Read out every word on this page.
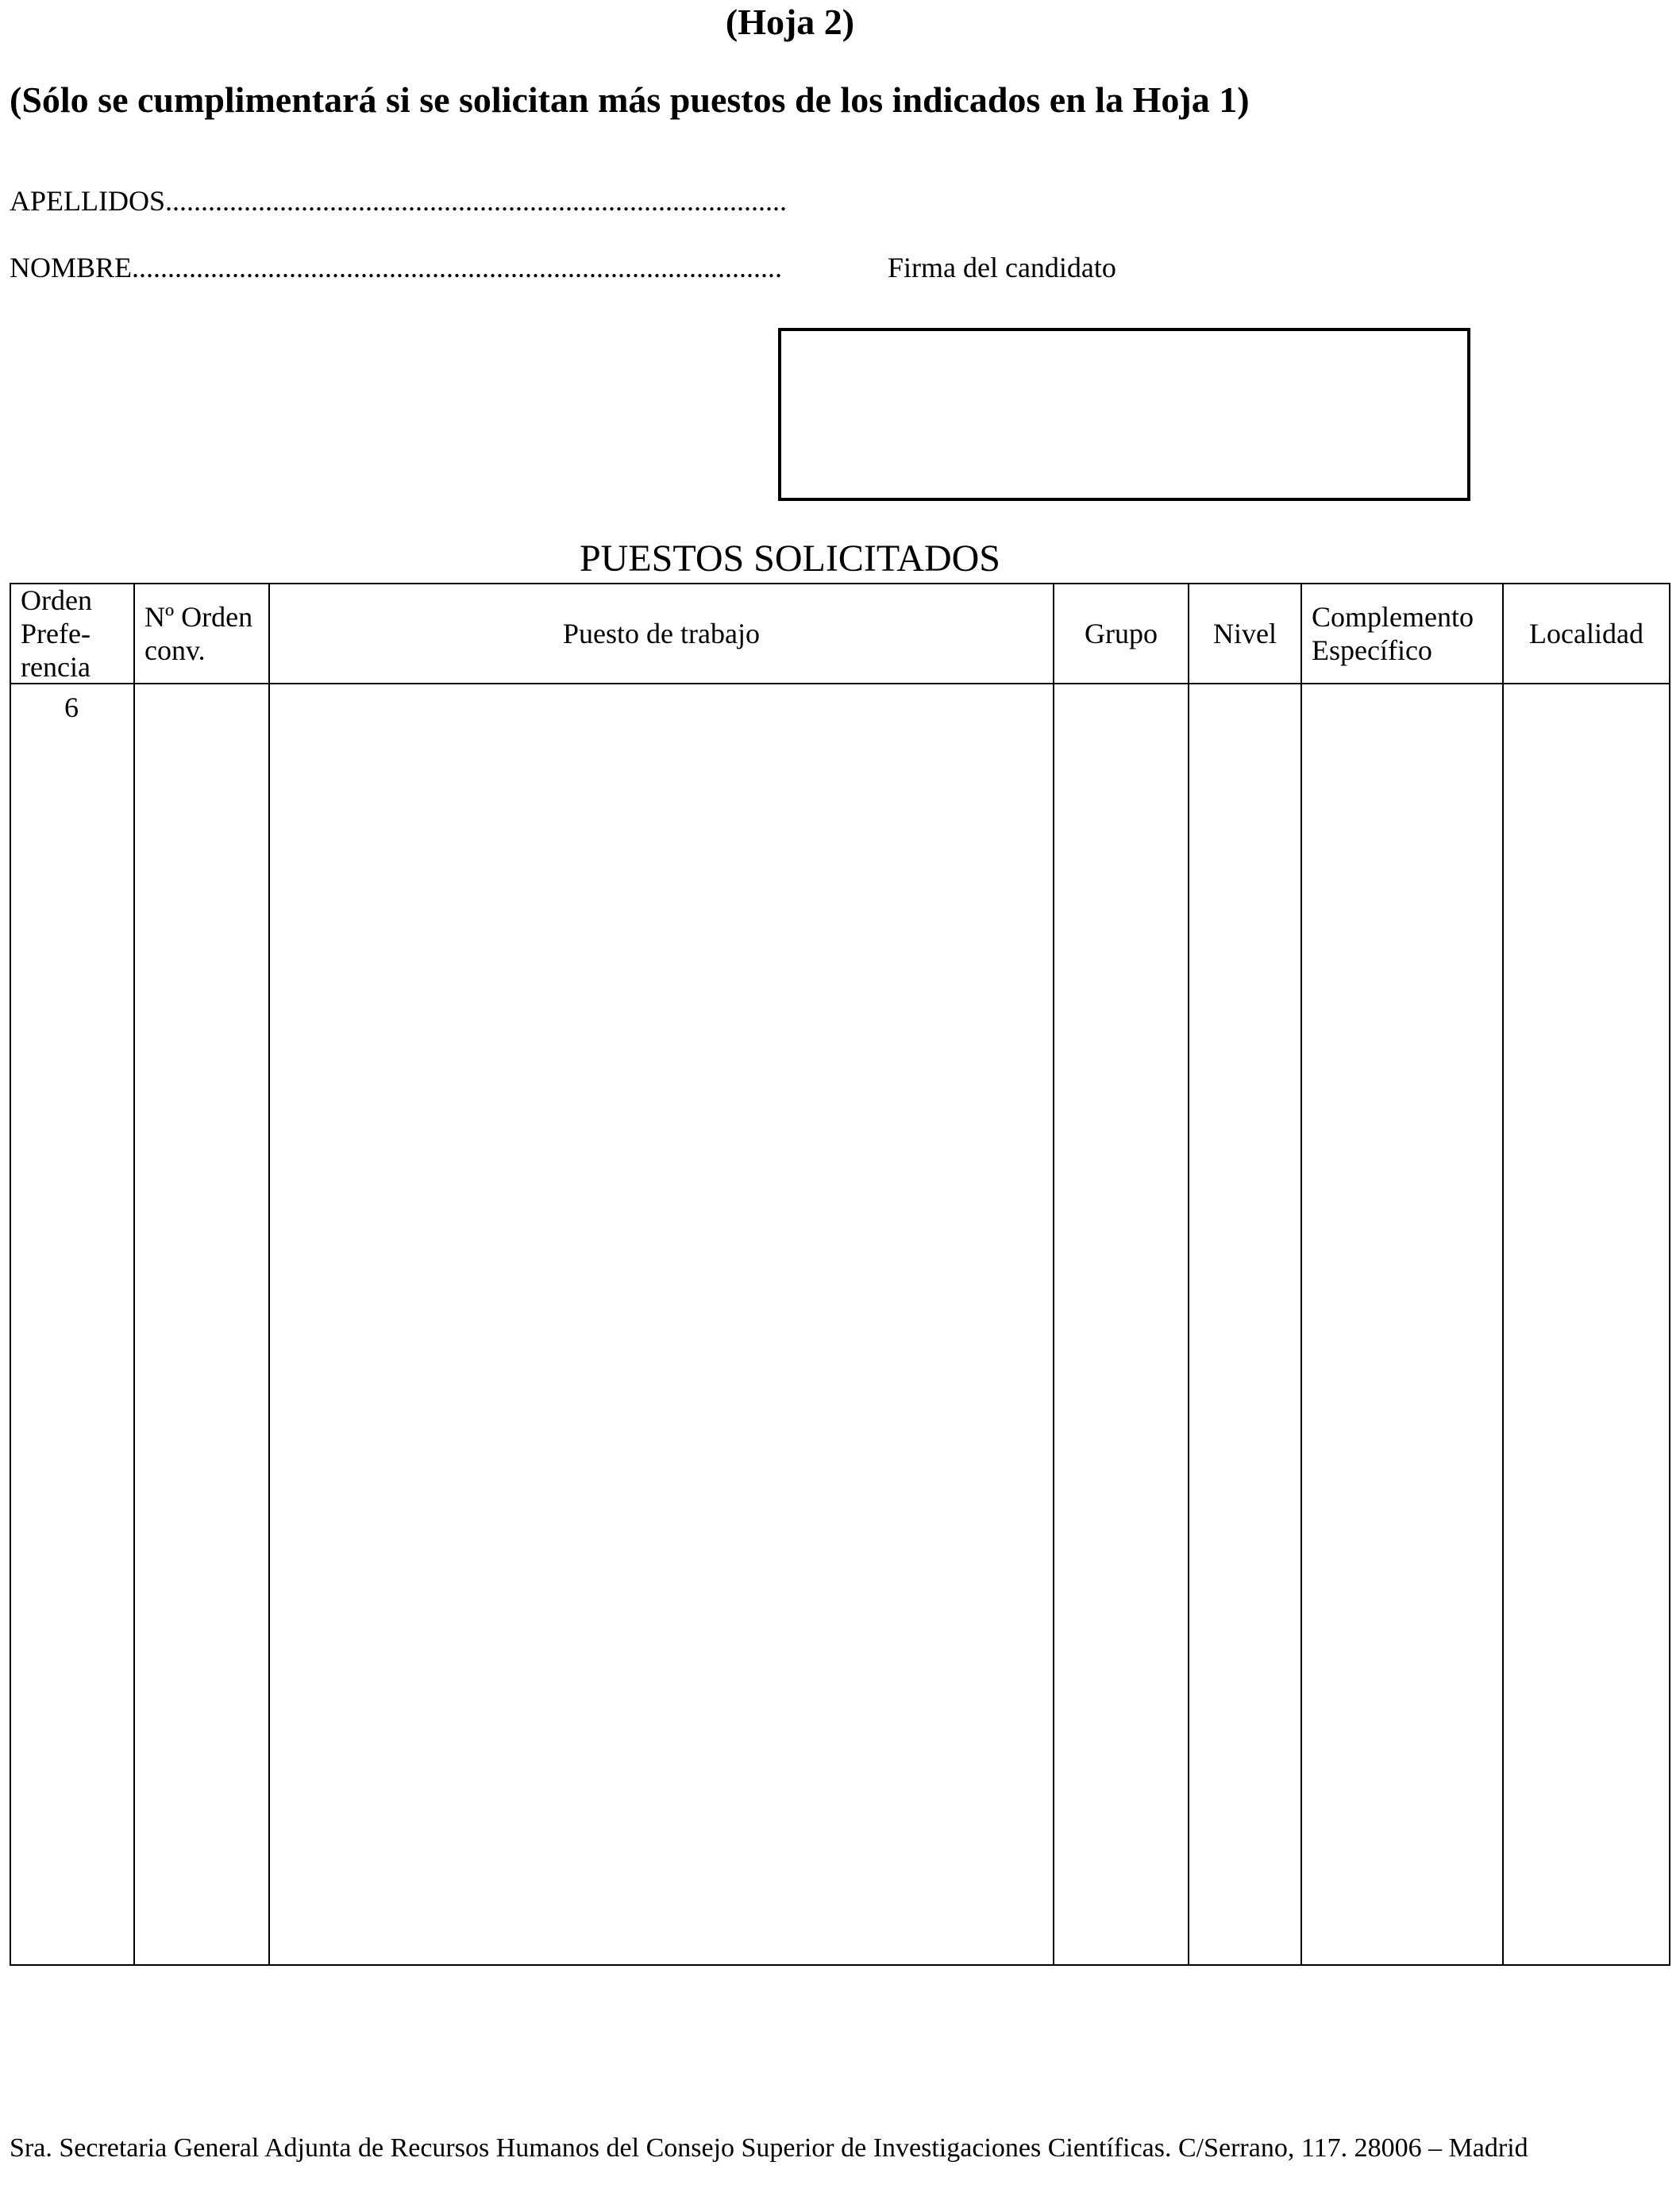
(Hoja 2)
(Sólo se cumplimentará si se solicitan más puestos de los indicados en la Hoja 1)
APELLIDOS.......................................................................................
NOMBRE...........................................................................................	Firma del candidato
PUESTOS SOLICITADOS
Orden
Prefe-
rencia
Nº Orden
conv.
Puesto de trabajo	Grupo Nivel
Complemento
Específico
Localidad
6
Sra. Secretaria General Adjunta de Recursos Humanos del Consejo Superior de Investigaciones Científicas. C/Serrano, 117. 28006 – Madrid
